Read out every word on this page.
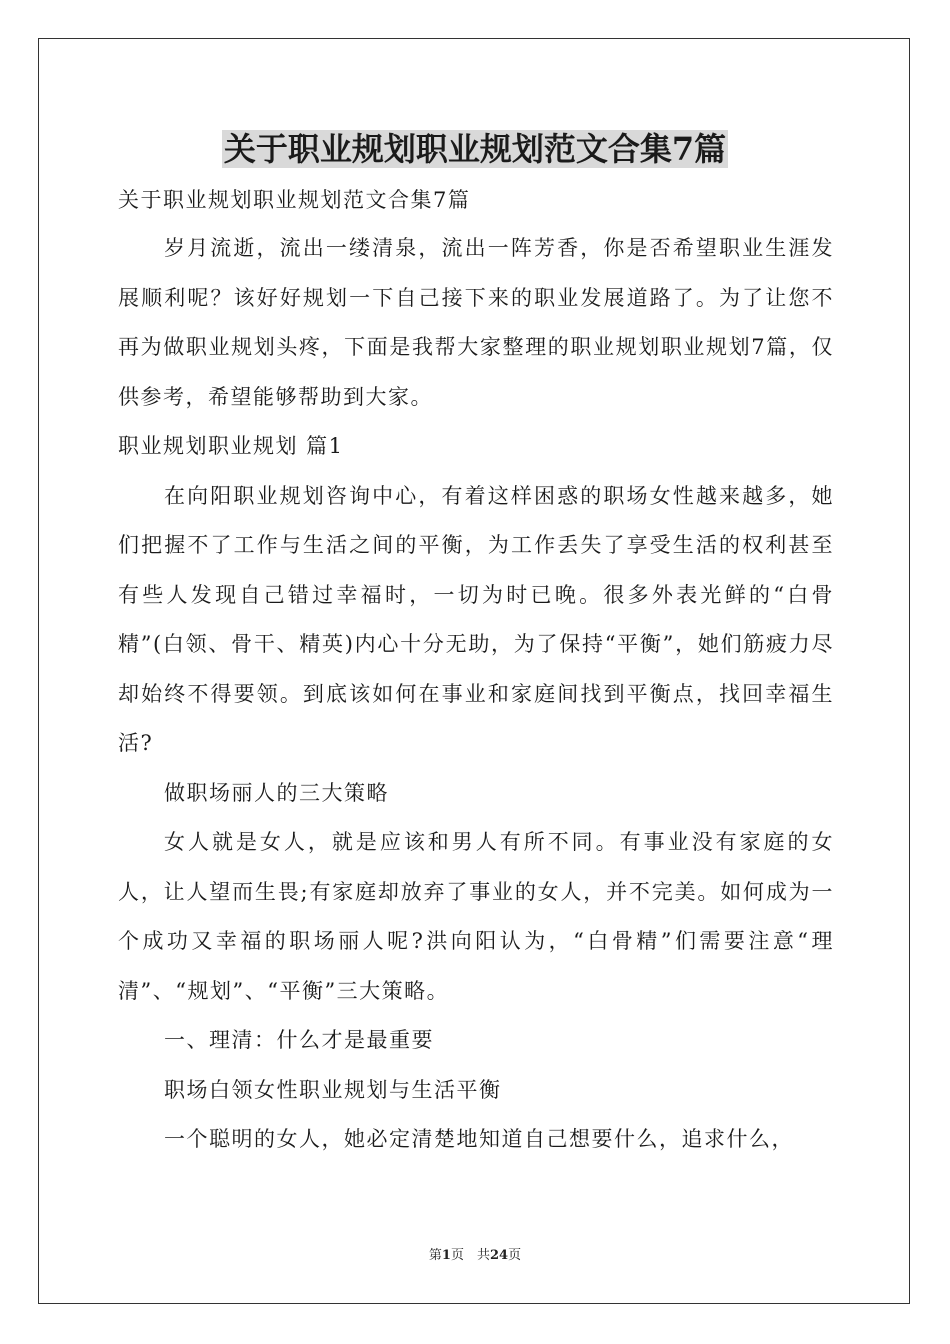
关于职业规划职业规划范文合集7篇

关于职业规划职业规划范文合集7篇

岁月流逝，流出一缕清泉，流出一阵芳香，你是否希望职业生涯发展顺利呢？该好好规划一下自己接下来的职业发展道路了。为了让您不再为做职业规划头疼，下面是我帮大家整理的职业规划职业规划7篇，仅供参考，希望能够帮助到大家。

职业规划职业规划 篇1

在向阳职业规划咨询中心，有着这样困惑的职场女性越来越多，她们把握不了工作与生活之间的平衡，为工作丢失了享受生活的权利甚至有些人发现自己错过幸福时，一切为时已晚。很多外表光鲜的“白骨精”(白领、骨干、精英)内心十分无助，为了保持“平衡”，她们筋疲力尽却始终不得要领。到底该如何在事业和家庭间找到平衡点，找回幸福生活?

做职场丽人的三大策略

女人就是女人，就是应该和男人有所不同。有事业没有家庭的女人，让人望而生畏;有家庭却放弃了事业的女人，并不完美。如何成为一个成功又幸福的职场丽人呢?洪向阳认为，“白骨精”们需要注意“理清”、“规划”、“平衡”三大策略。

一、理清：什么才是最重要

职场白领女性职业规划与生活平衡

一个聪明的女人，她必定清楚地知道自己想要什么，追求什么，

第1页　共24页
